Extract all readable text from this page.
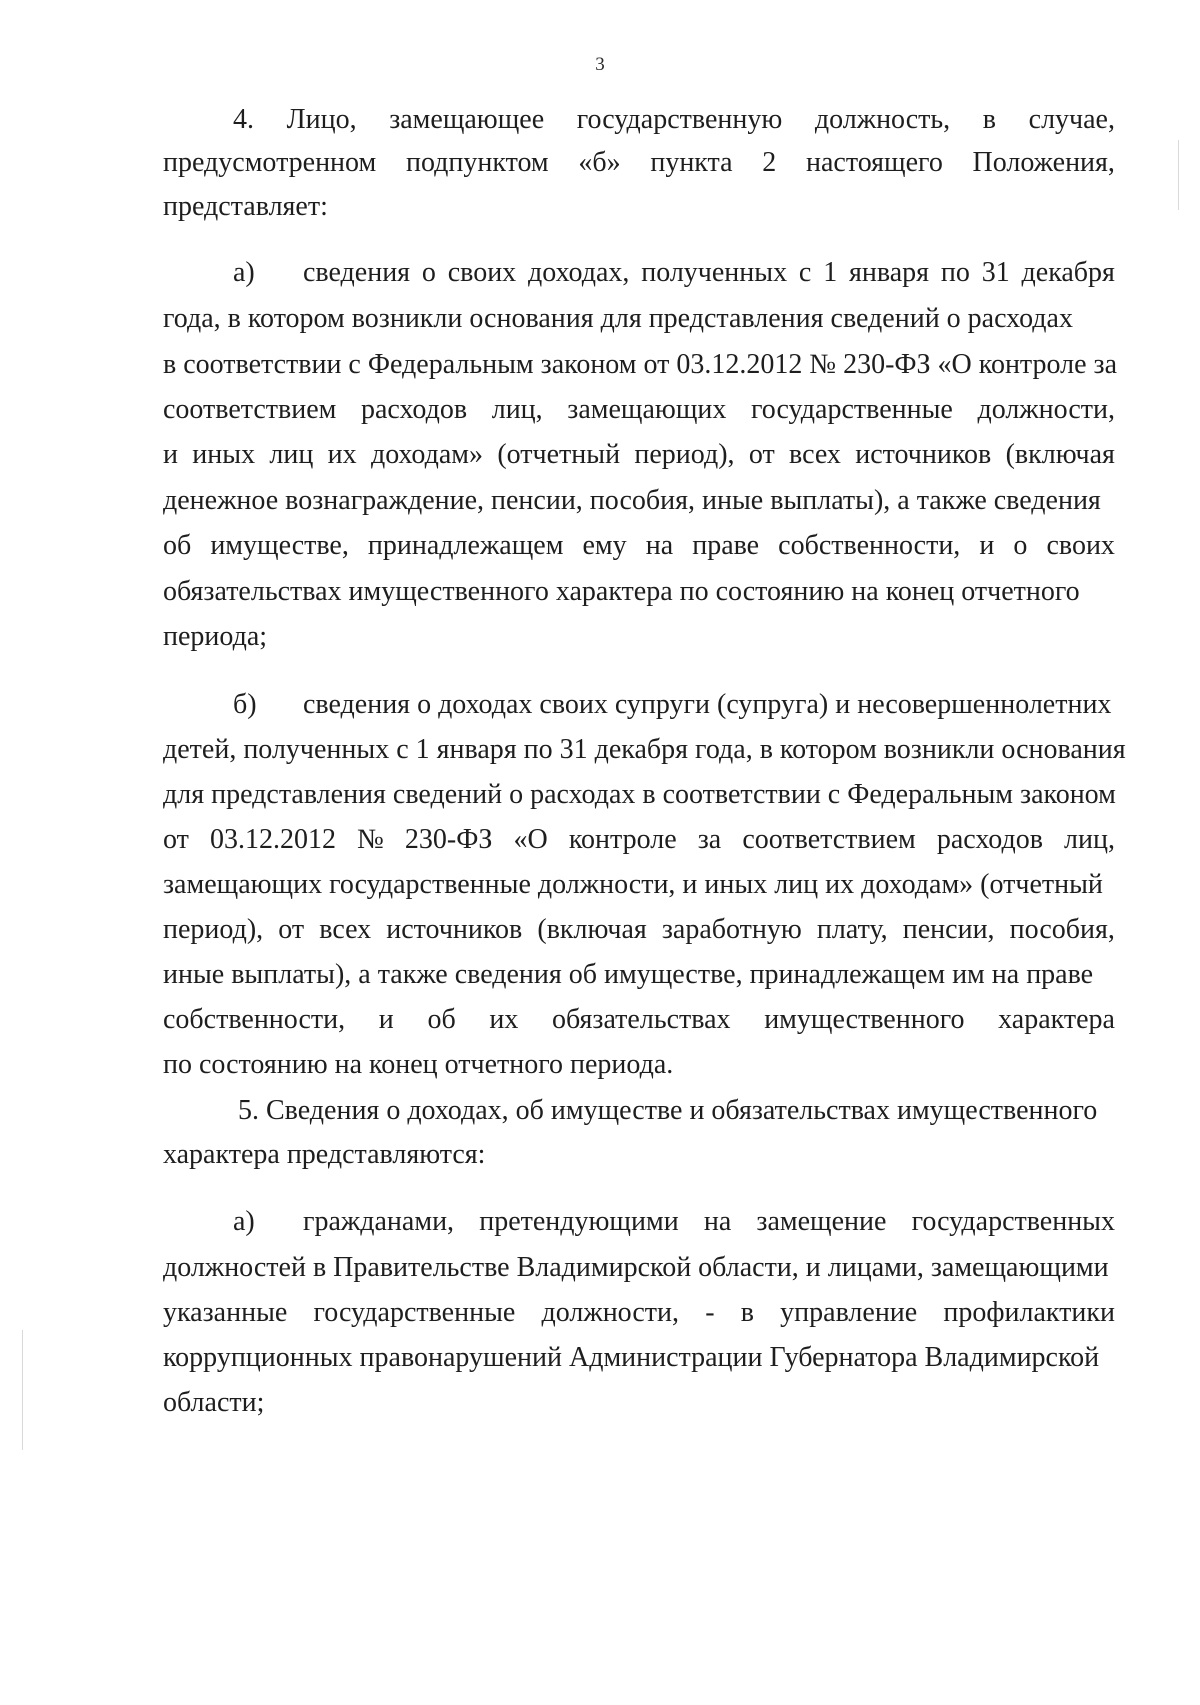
3
4. Лицо, замещающее государственную должность, в случае,
предусмотренном подпунктом «б» пункта 2 настоящего Положения,
представляет:
а)	сведения о своих доходах, полученных с 1 января по 31 декабря
года, в котором возникли основания для представления сведений о расходах
в соответствии с Федеральным законом от 03.12.2012 № 230-ФЗ «О контроле за
соответствием расходов лиц, замещающих государственные должности,
и иных лиц их доходам» (отчетный период), от всех источников (включая
денежное вознаграждение, пенсии, пособия, иные выплаты), а также сведения
об имуществе, принадлежащем ему на праве собственности, и о своих
обязательствах имущественного характера по состоянию на конец отчетного
периода;
б)	сведения о доходах своих супруги (супруга) и несовершеннолетних
детей, полученных с 1 января по 31 декабря года, в котором возникли основания
для представления сведений о расходах в соответствии с Федеральным законом
от 03.12.2012 № 230-ФЗ «О контроле за соответствием расходов лиц,
замещающих государственные должности, и иных лиц их доходам» (отчетный
период), от всех источников (включая заработную плату, пенсии, пособия,
иные выплаты), а также сведения об имуществе, принадлежащем им на праве
собственности, и об их обязательствах имущественного характера
по состоянию на конец отчетного периода.
5. Сведения о доходах, об имуществе и обязательствах имущественного
характера представляются:
а)	гражданами, претендующими на замещение государственных
должностей в Правительстве Владимирской области, и лицами, замещающими
указанные государственные должности, - в управление профилактики
коррупционных правонарушений Администрации Губернатора Владимирской
области;
